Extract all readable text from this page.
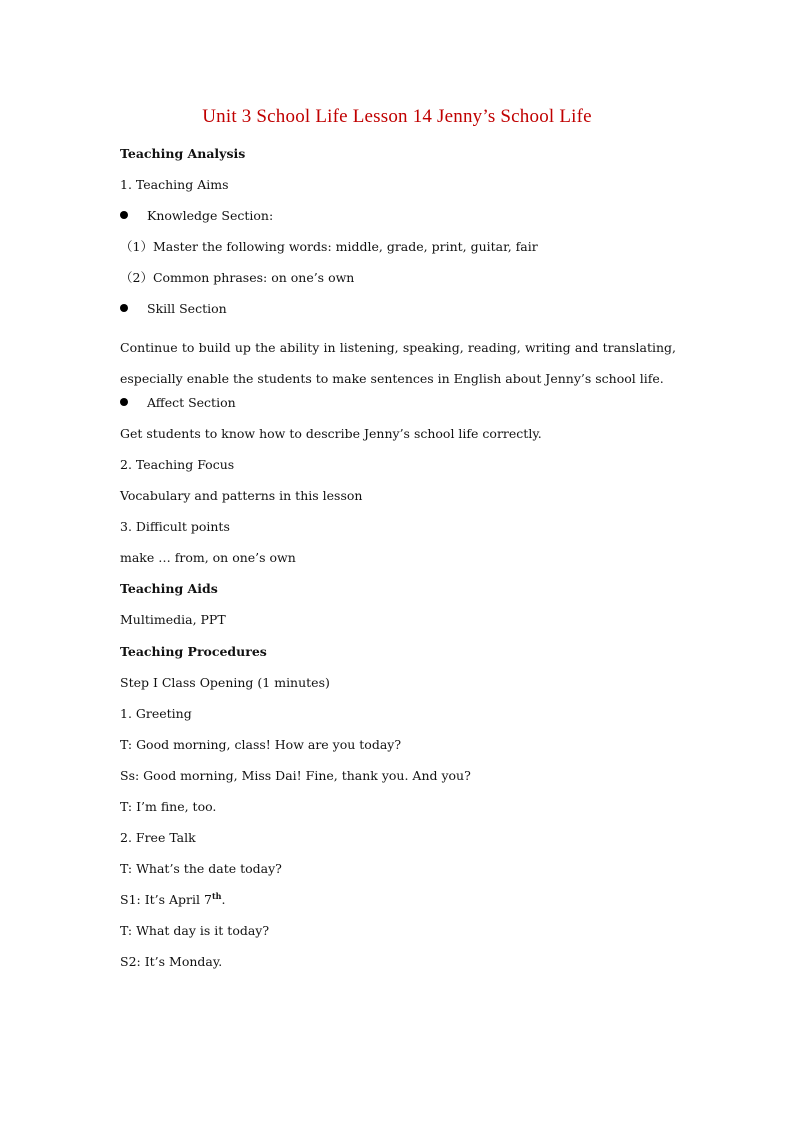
Unit 3 School Life Lesson 14 Jenny’s School Life
Teaching Analysis
1. Teaching Aims
Knowledge Section:
（1）Master the following words: middle, grade, print, guitar, fair
（2）Common phrases: on one’s own
Skill Section
Continue to build up the ability in listening, speaking, reading, writing and translating, especially enable the students to make sentences in English about Jenny’s school life.
Affect Section
Get students to know how to describe Jenny’s school life correctly.
2. Teaching Focus
Vocabulary and patterns in this lesson
3. Difficult points
make … from, on one’s own
Teaching Aids
Multimedia, PPT
Teaching Procedures
Step I Class Opening (1 minutes)
1. Greeting
T: Good morning, class! How are you today?
Ss: Good morning, Miss Dai! Fine, thank you. And you?
T: I’m fine, too.
2. Free Talk
T: What’s the date today?
S1: It’s April 7th.
T: What day is it today?
S2: It’s Monday.
